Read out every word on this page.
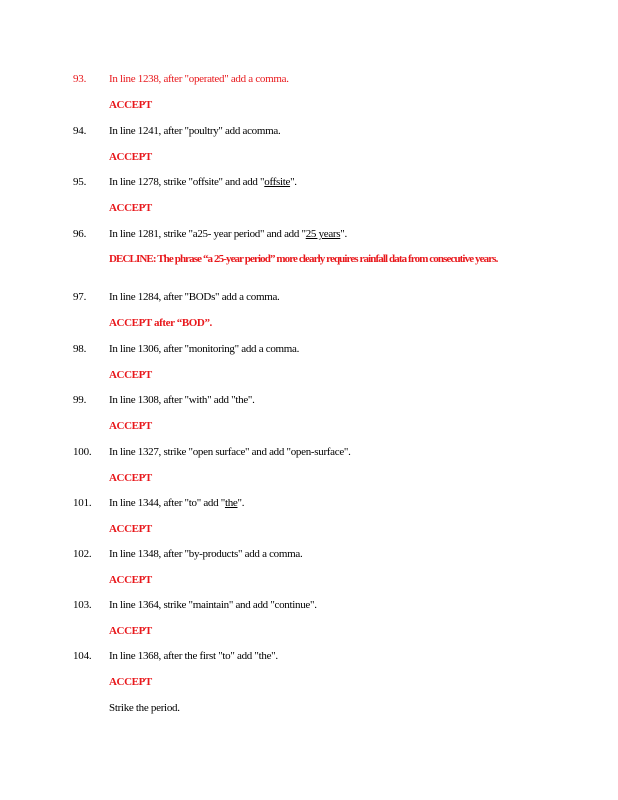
93. In line 1238, after "operated" add a comma.
ACCEPT
94. In line 1241, after "poultry" add acomma.
ACCEPT
95. In line 1278, strike "offsite" and add "offsite".
ACCEPT
96. In line 1281, strike "a25- year period" and add "25 years".
DECLINE: The phrase “a 25-year period” more clearly requires rainfall data from consecutive years.
97. In line 1284, after "BODs" add a comma.
ACCEPT after “BOD”.
98. In line 1306, after "monitoring" add a comma.
ACCEPT
99. In line 1308, after "with" add "the".
ACCEPT
100. In line 1327, strike "open surface" and add "open-surface".
ACCEPT
101. In line 1344, after "to" add "the".
ACCEPT
102. In line 1348, after "by-products" add a comma.
ACCEPT
103. In line 1364, strike "maintain" and add "continue".
ACCEPT
104. In line 1368, after the first "to" add "the".
ACCEPT
Strike the period.
